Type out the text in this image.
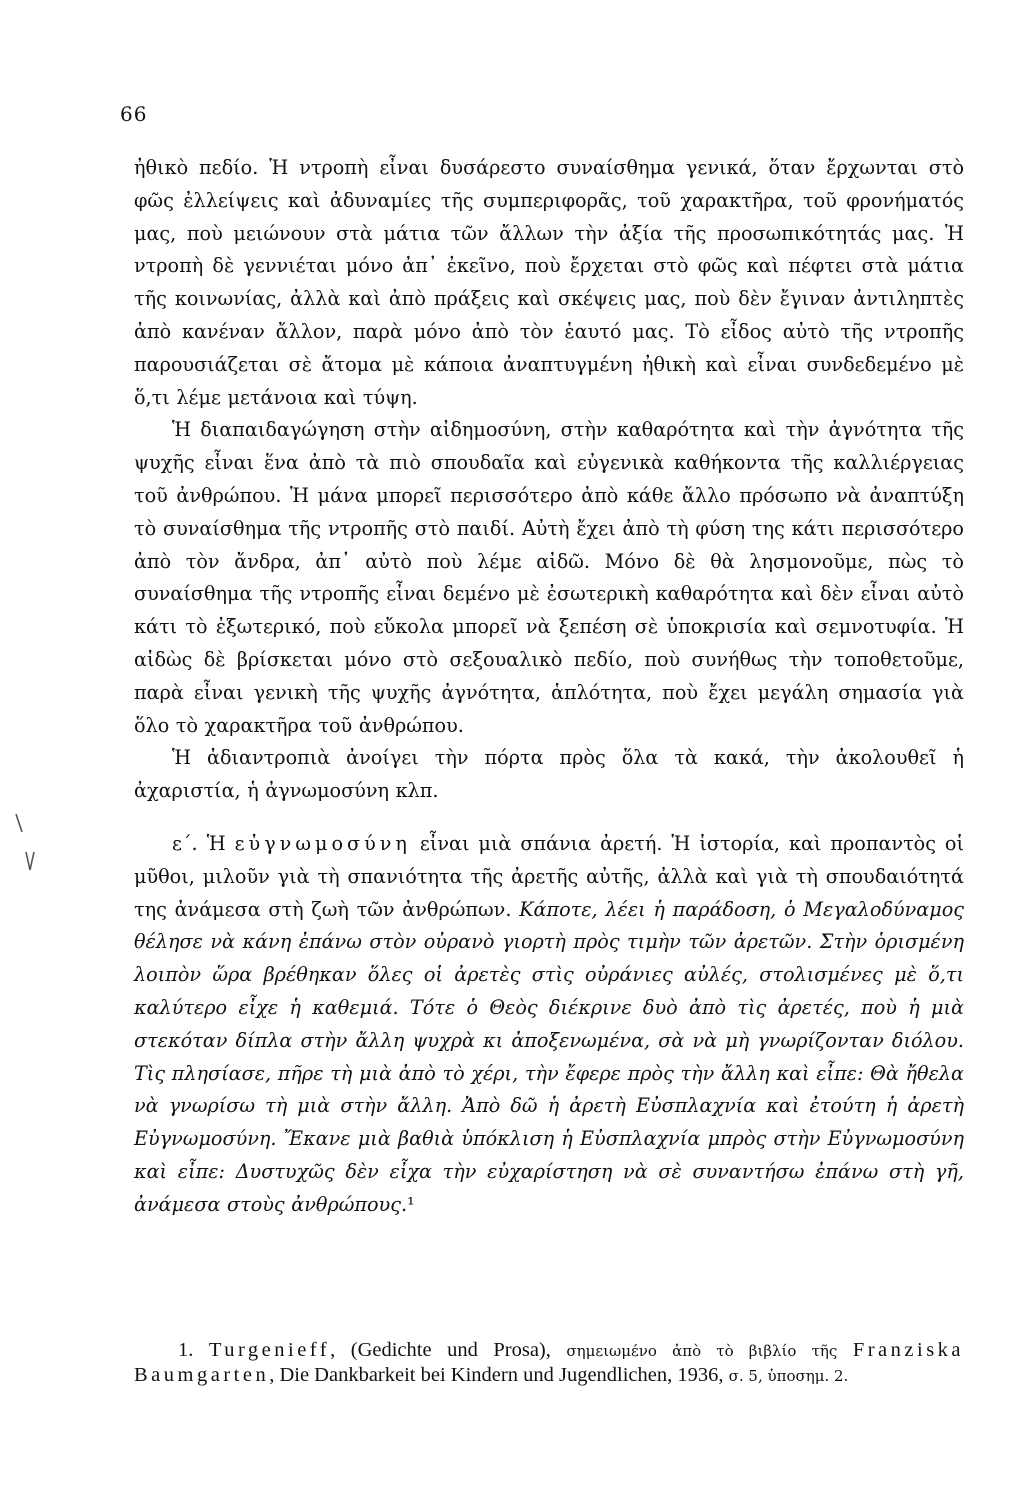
66

ἠθικὸ πεδίο. Ἡ ντροπὴ εἶναι δυσάρεστο συναίσθημα γενικά, ὅταν ἔρχωνται στὸ φῶς ἐλλείψεις καὶ ἀδυναμίες τῆς συμπεριφορᾶς, τοῦ χαρακτῆρα, τοῦ φρονήματός μας, ποὺ μειώνουν στὰ μάτια τῶν ἄλλων τὴν ἀξία τῆς προσωπικότητάς μας. Ἡ ντροπὴ δὲ γεννιέται μόνο ἀπ᾿ ἐκεῖνο, ποὺ ἔρχεται στὸ φῶς καὶ πέφτει στὰ μάτια τῆς κοινωνίας, ἀλλὰ καὶ ἀπὸ πράξεις καὶ σκέψεις μας, ποὺ δὲν ἔγιναν ἀντιληπτὲς ἀπὸ κανέναν ἄλλον, παρὰ μόνο ἀπὸ τὸν ἑαυτό μας. Τὸ εἶδος αὐτὸ τῆς ντροπῆς παρουσιάζεται σὲ ἄτομα μὲ κάποια ἀναπτυγμένη ἠθικὴ καὶ εἶναι συνδεδεμένο μὲ ὅ,τι λέμε μετάνοια καὶ τύψη.

Ἡ διαπαιδαγώγηση στὴν αἰδημοσύνη, στὴν καθαρότητα καὶ τὴν ἀγνότητα τῆς ψυχῆς εἶναι ἕνα ἀπὸ τὰ πιὸ σπουδαῖα καὶ εὐγενικὰ καθήκοντα τῆς καλλιέργειας τοῦ ἀνθρώπου. Ἡ μάνα μπορεῖ περισσότερο ἀπὸ κάθε ἄλλο πρόσωπο νὰ ἀναπτύξη τὸ συναίσθημα τῆς ντροπῆς στὸ παιδί. Αὐτὴ ἔχει ἀπὸ τὴ φύση της κάτι περισσότερο ἀπὸ τὸν ἄνδρα, ἀπ᾿ αὐτὸ ποὺ λέμε αἰδῶ. Μόνο δὲ θὰ λησμονοῦμε, πὼς τὸ συναίσθημα τῆς ντροπῆς εἶναι δεμένο μὲ ἐσωτερικὴ καθαρότητα καὶ δὲν εἶναι αὐτὸ κάτι τὸ ἐξωτερικό, ποὺ εὔκολα μπορεῖ νὰ ξεπέση σὲ ὑποκρισία καὶ σεμνοτυφία. Ἡ αἰδὼς δὲ βρίσκεται μόνο στὸ σεξουαλικὸ πεδίο, ποὺ συνήθως τὴν τοποθετοῦμε, παρὰ εἶναι γενικὴ τῆς ψυχῆς ἀγνότητα, ἁπλότητα, ποὺ ἔχει μεγάλη σημασία γιὰ ὅλο τὸ χαρακτῆρα τοῦ ἀνθρώπου.

Ἡ ἀδιαντροπιὰ ἀνοίγει τὴν πόρτα πρὸς ὅλα τὰ κακά, τὴν ἀκολουθεῖ ἡ ἀχαριστία, ἡ ἀγνωμοσύνη κλπ.

ε΄. Ἡ εὐγνωμοσύνη εἶναι μιὰ σπάνια ἀρετή. Ἡ ἱστορία, καὶ προπαντὸς οἱ μῦθοι, μιλοῦν γιὰ τὴ σπανιότητα τῆς ἀρετῆς αὐτῆς, ἀλλὰ καὶ γιὰ τὴ σπουδαιότητά της ἀνάμεσα στὴ ζωὴ τῶν ἀνθρώπων. Κάποτε, λέει ἡ παράδοση, ὁ Μεγαλοδύναμος θέλησε νὰ κάνη ἐπάνω στὸν οὐρανὸ γιορτὴ πρὸς τιμὴν τῶν ἀρετῶν. Στὴν ὁρισμένη λοιπὸν ὥρα βρέθηκαν ὅλες οἱ ἀρετὲς στὶς οὐράνιες αὐλές, στολισμένες μὲ ὅ,τι καλύτερο εἶχε ἡ καθεμιά. Τότε ὁ Θεὸς διέκρινε δυὸ ἀπὸ τὶς ἀρετές, ποὺ ἡ μιὰ στεκόταν δίπλα στὴν ἄλλη ψυχρὰ κι ἀποξενωμένα, σὰ νὰ μὴ γνωρίζονταν διόλου. Τὶς πλησίασε, πῆρε τὴ μιὰ ἀπὸ τὸ χέρι, τὴν ἔφερε πρὸς τὴν ἄλλη καὶ εἶπε: Θὰ ἤθελα νὰ γνωρίσω τὴ μιὰ στὴν ἄλλη. Ἀπὸ δῶ ἡ ἀρετὴ Εὐσπλαχνία καὶ ἐτούτη ἡ ἀρετὴ Εὐγνωμοσύνη. Ἔκανε μιὰ βαθιὰ ὑπόκλιση ἡ Εὐσπλαχνία μπρὸς στὴν Εὐγνωμοσύνη καὶ εἶπε: Δυστυχῶς δὲν εἶχα τὴν εὐχαρίστηση νὰ σὲ συναντήσω ἐπάνω στὴ γῆ, ἀνάμεσα στοὺς ἀνθρώπους.¹

1. Turgenieff, (Gedichte und Prosa), σημειωμένο ἀπὸ τὸ βιβλίο τῆς Franziska Baumgarten, Die Dankbarkeit bei Kindern und Jugendlichen, 1936, σ. 5, ὑποσημ. 2.
